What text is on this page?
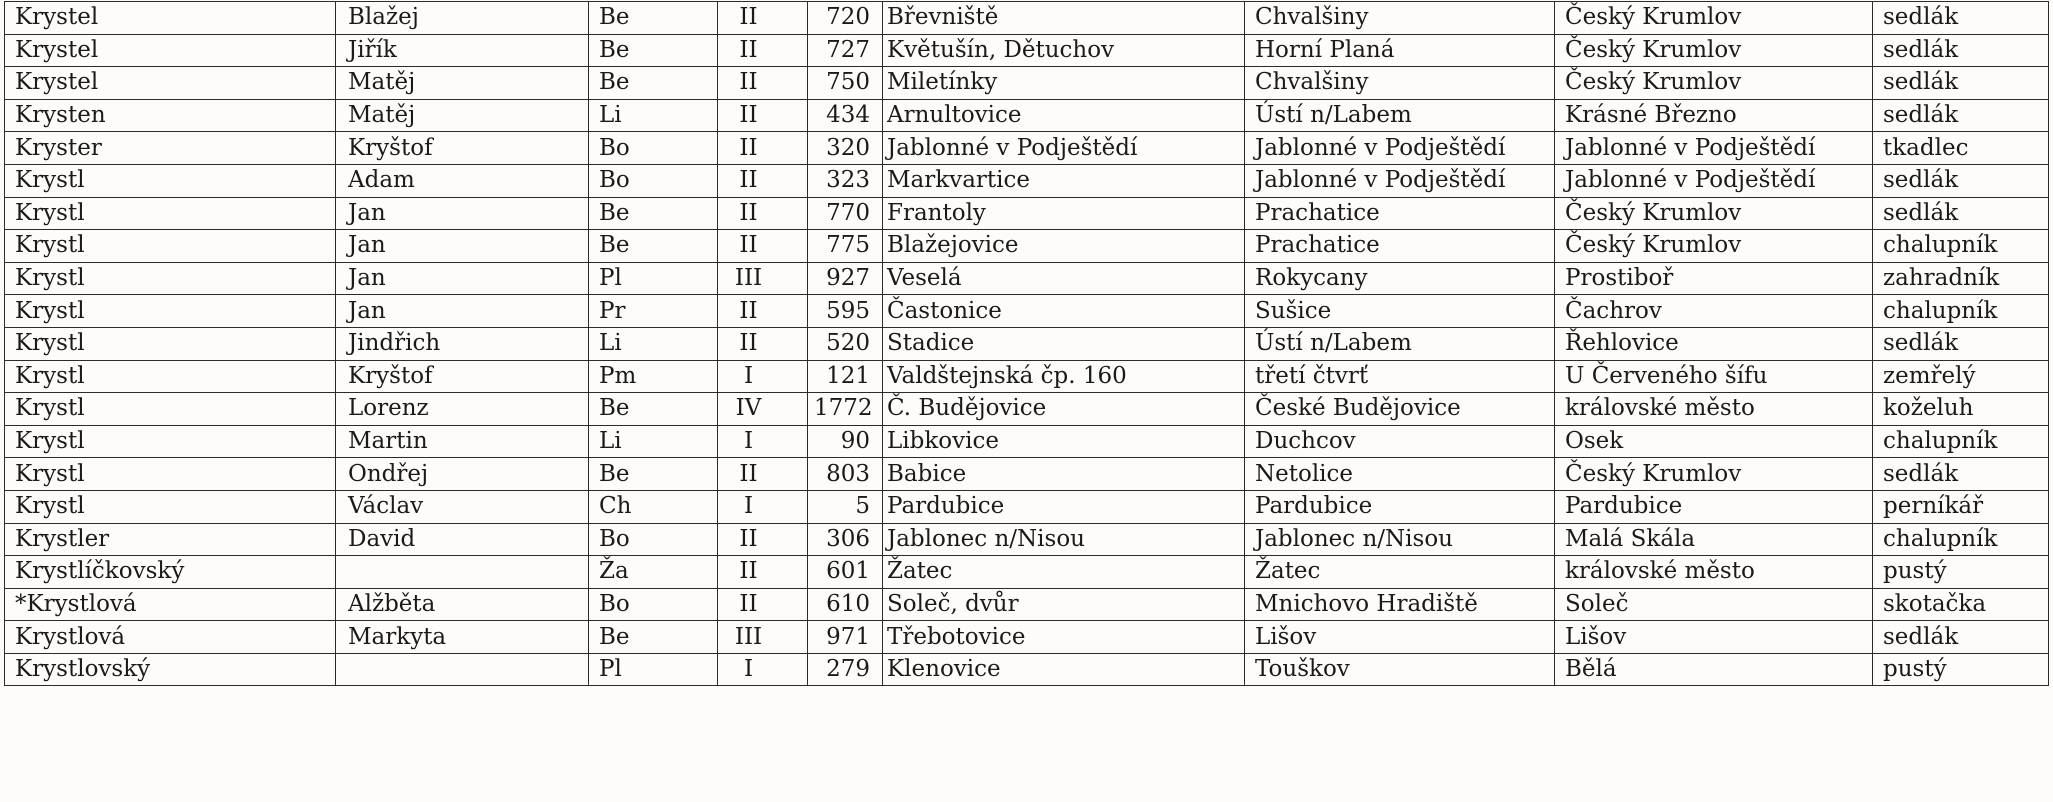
Krystel	Blažej	Be	II	720	Břevniště	Chvalšiny	Český Krumlov	sedlák
Krystel	Jiřík	Be	II	727	Květušín, Dětuchov	Horní Planá	Český Krumlov	sedlák
Krystel	Matěj	Be	II	750	Miletínky	Chvalšiny	Český Krumlov	sedlák
Krysten	Matěj	Li	II	434	Arnultovice	Ústí n/Labem	Krásné Březno	sedlák
Kryster	Kryštof	Bo	II	320	Jablonné v Podještědí	Jablonné v Podještědí	Jablonné v Podještědí	tkadlec
Krystl	Adam	Bo	II	323	Markvartice	Jablonné v Podještědí	Jablonné v Podještědí	sedlák
Krystl	Jan	Be	II	770	Frantoly	Prachatice	Český Krumlov	sedlák
Krystl	Jan	Be	II	775	Blažejovice	Prachatice	Český Krumlov	chalupník
Krystl	Jan	Pl	III	927	Veselá	Rokycany	Prostiboř	zahradník
Krystl	Jan	Pr	II	595	Častonice	Sušice	Čachrov	chalupník
Krystl	Jindřich	Li	II	520	Stadice	Ústí n/Labem	Řehlovice	sedlák
Krystl	Kryštof	Pm	I	121	Valdštejnská čp. 160	třetí čtvrť	U Červeného šífu	zemřelý
Krystl	Lorenz	Be	IV	1772	Č. Budějovice	České Budějovice	královské město	koželuh
Krystl	Martin	Li	I	90	Libkovice	Duchcov	Osek	chalupník
Krystl	Ondřej	Be	II	803	Babice	Netolice	Český Krumlov	sedlák
Krystl	Václav	Ch	I	5	Pardubice	Pardubice	Pardubice	perníkář
Krystler	David	Bo	II	306	Jablonec n/Nisou	Jablonec n/Nisou	Malá Skála	chalupník
Krystlíčkovský		Ža	II	601	Žatec	Žatec	královské město	pustý
*Krystlová	Alžběta	Bo	II	610	Soleč, dvůr	Mnichovo Hradiště	Soleč	skotačka
Krystlová	Markyta	Be	III	971	Třebotovice	Lišov	Lišov	sedlák
Krystlovský		Pl	I	279	Klenovice	Touškov	Bělá	pustý
